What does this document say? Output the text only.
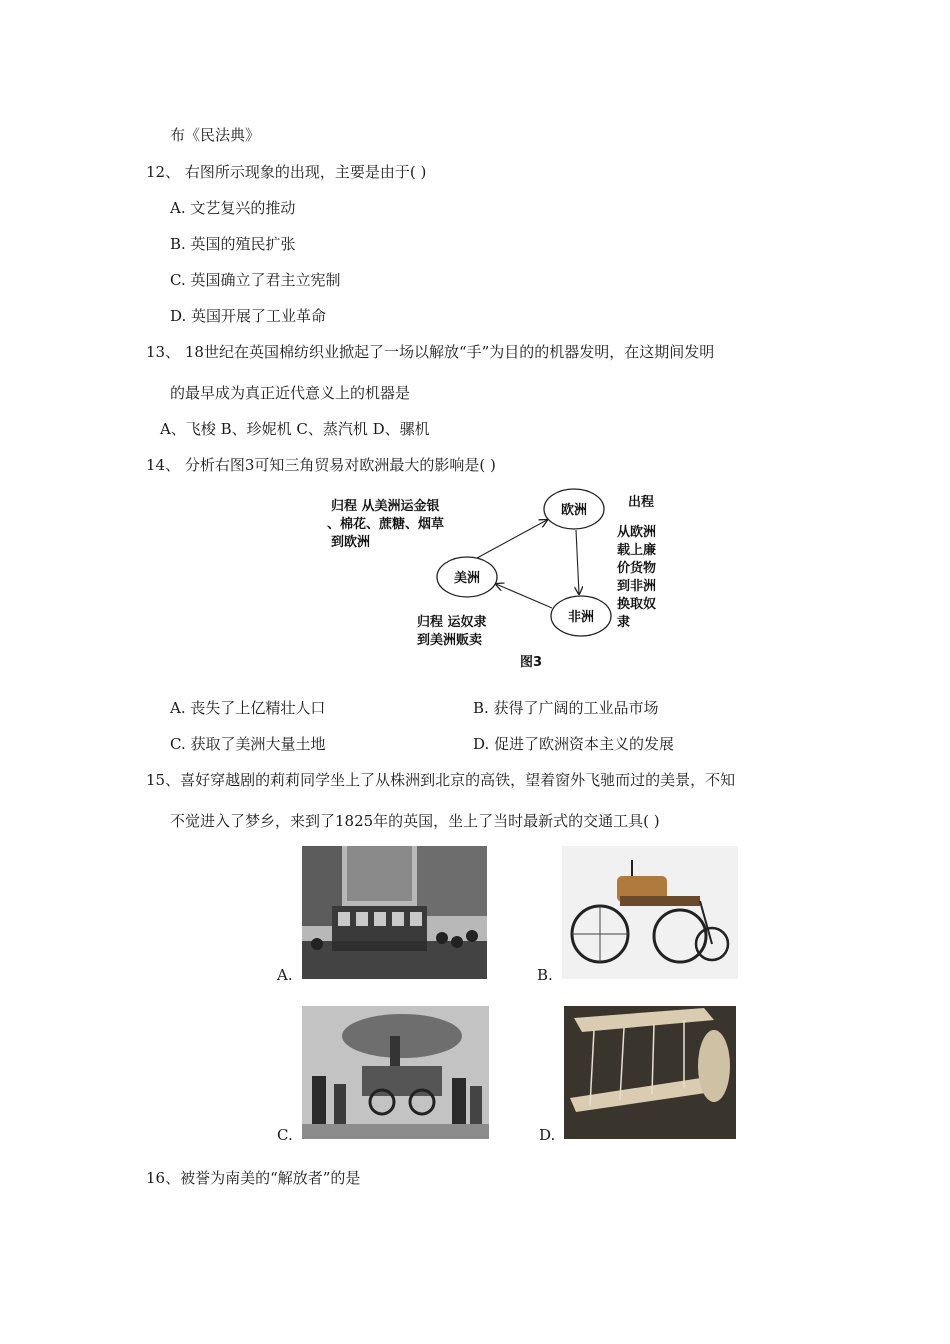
布《民法典》
12、 右图所示现象的出现，主要是由于( )
A. 文艺复兴的推动
B. 英国的殖民扩张
C. 英国确立了君主立宪制
D. 英国开展了工业革命
13、 18世纪在英国棉纺织业掀起了一场以解放“手”为目的的机器发明，在这期间发明
的最早成为真正近代意义上的机器是
A、飞梭 B、珍妮机 C、蒸汽机 D、骡机
14、 分析右图3可知三角贸易对欧洲最大的影响是( )
欧洲
美洲
非洲
归程 从美洲运金银
、棉花、蔗糖、烟草
到欧洲
出程
从欧洲
载上廉
价货物
到非洲
换取奴
隶
归程 运奴隶
到美洲贩卖
图3
A. 丧失了上亿精壮人口	B. 获得了广阔的工业品市场
C. 获取了美洲大量土地	D. 促进了欧洲资本主义的发展
15、喜好穿越剧的莉莉同学坐上了从株洲到北京的高铁，望着窗外飞驰而过的美景，不知
不觉进入了梦乡，来到了1825年的英国，坐上了当时最新式的交通工具( )
A.	B.
C.	D.
16、被誉为南美的“解放者”的是
